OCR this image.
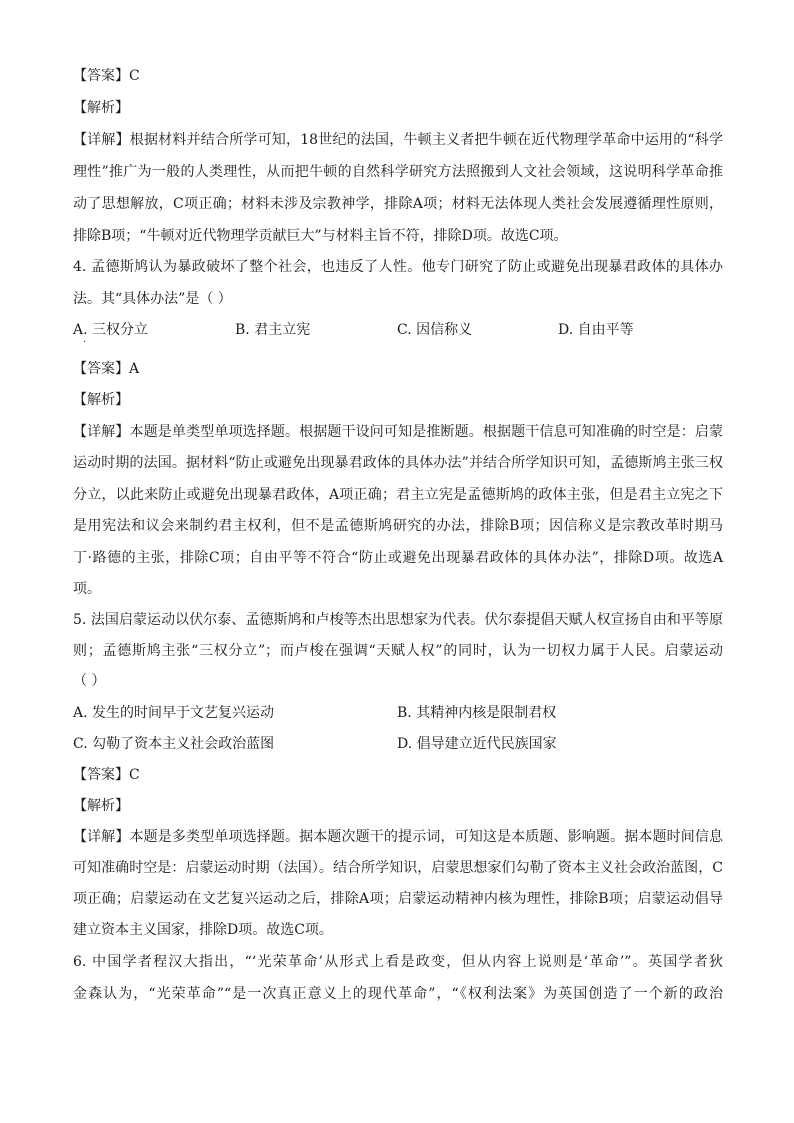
【答案】C
【解析】
【详解】根据材料并结合所学可知，18世纪的法国，牛顿主义者把牛顿在近代物理学革命中运用的“科学
理性”推广为一般的人类理性，从而把牛顿的自然科学研究方法照搬到人文社会领域，这说明科学革命推
动了思想解放，C项正确；材料未涉及宗教神学，排除A项；材料无法体现人类社会发展遵循理性原则，
排除B项；“牛顿对近代物理学贡献巨大”与材料主旨不符，排除D项。故选C项。
4. 孟德斯鸠认为暴政破坏了整个社会，也违反了人性。他专门研究了防止或避免出现暴君政体的具体办
法。其“具体办法”是（ ）
A. 三权分立	B. 君主立宪	C. 因信称义	D. 自由平等
·
【答案】A
【解析】
【详解】本题是单类型单项选择题。根据题干设问可知是推断题。根据题干信息可知准确的时空是：启蒙
运动时期的法国。据材料“防止或避免出现暴君政体的具体办法”并结合所学知识可知，孟德斯鸠主张三权
分立，以此来防止或避免出现暴君政体，A项正确；君主立宪是孟德斯鸠的政体主张，但是君主立宪之下
是用宪法和议会来制约君主权利，但不是孟德斯鸠研究的办法，排除B项；因信称义是宗教改革时期马
丁·路德的主张，排除C项；自由平等不符合“防止或避免出现暴君政体的具体办法”，排除D项。故选A
项。
5. 法国启蒙运动以伏尔泰、孟德斯鸠和卢梭等杰出思想家为代表。伏尔泰提倡天赋人权宣扬自由和平等原
则；孟德斯鸠主张“三权分立”；而卢梭在强调“天赋人权”的同时，认为一切权力属于人民。启蒙运动
（ ）
A. 发生的时间早于文艺复兴运动	B. 其精神内核是限制君权
C. 勾勒了资本主义社会政治蓝图	D. 倡导建立近代民族国家
【答案】C
【解析】
【详解】本题是多类型单项选择题。据本题次题干的提示词，可知这是本质题、影响题。据本题时间信息
可知准确时空是：启蒙运动时期（法国）。结合所学知识，启蒙思想家们勾勒了资本主义社会政治蓝图，C
项正确；启蒙运动在文艺复兴运动之后，排除A项；启蒙运动精神内核为理性，排除B项；启蒙运动倡导
建立资本主义国家，排除D项。故选C项。
6. 中国学者程汉大指出，“‘光荣革命’从形式上看是政变，但从内容上说则是‘革命’”。英国学者狄
金森认为，“光荣革命”“是一次真正意义上的现代革命”，“《权利法案》为英国创造了一个新的政治
